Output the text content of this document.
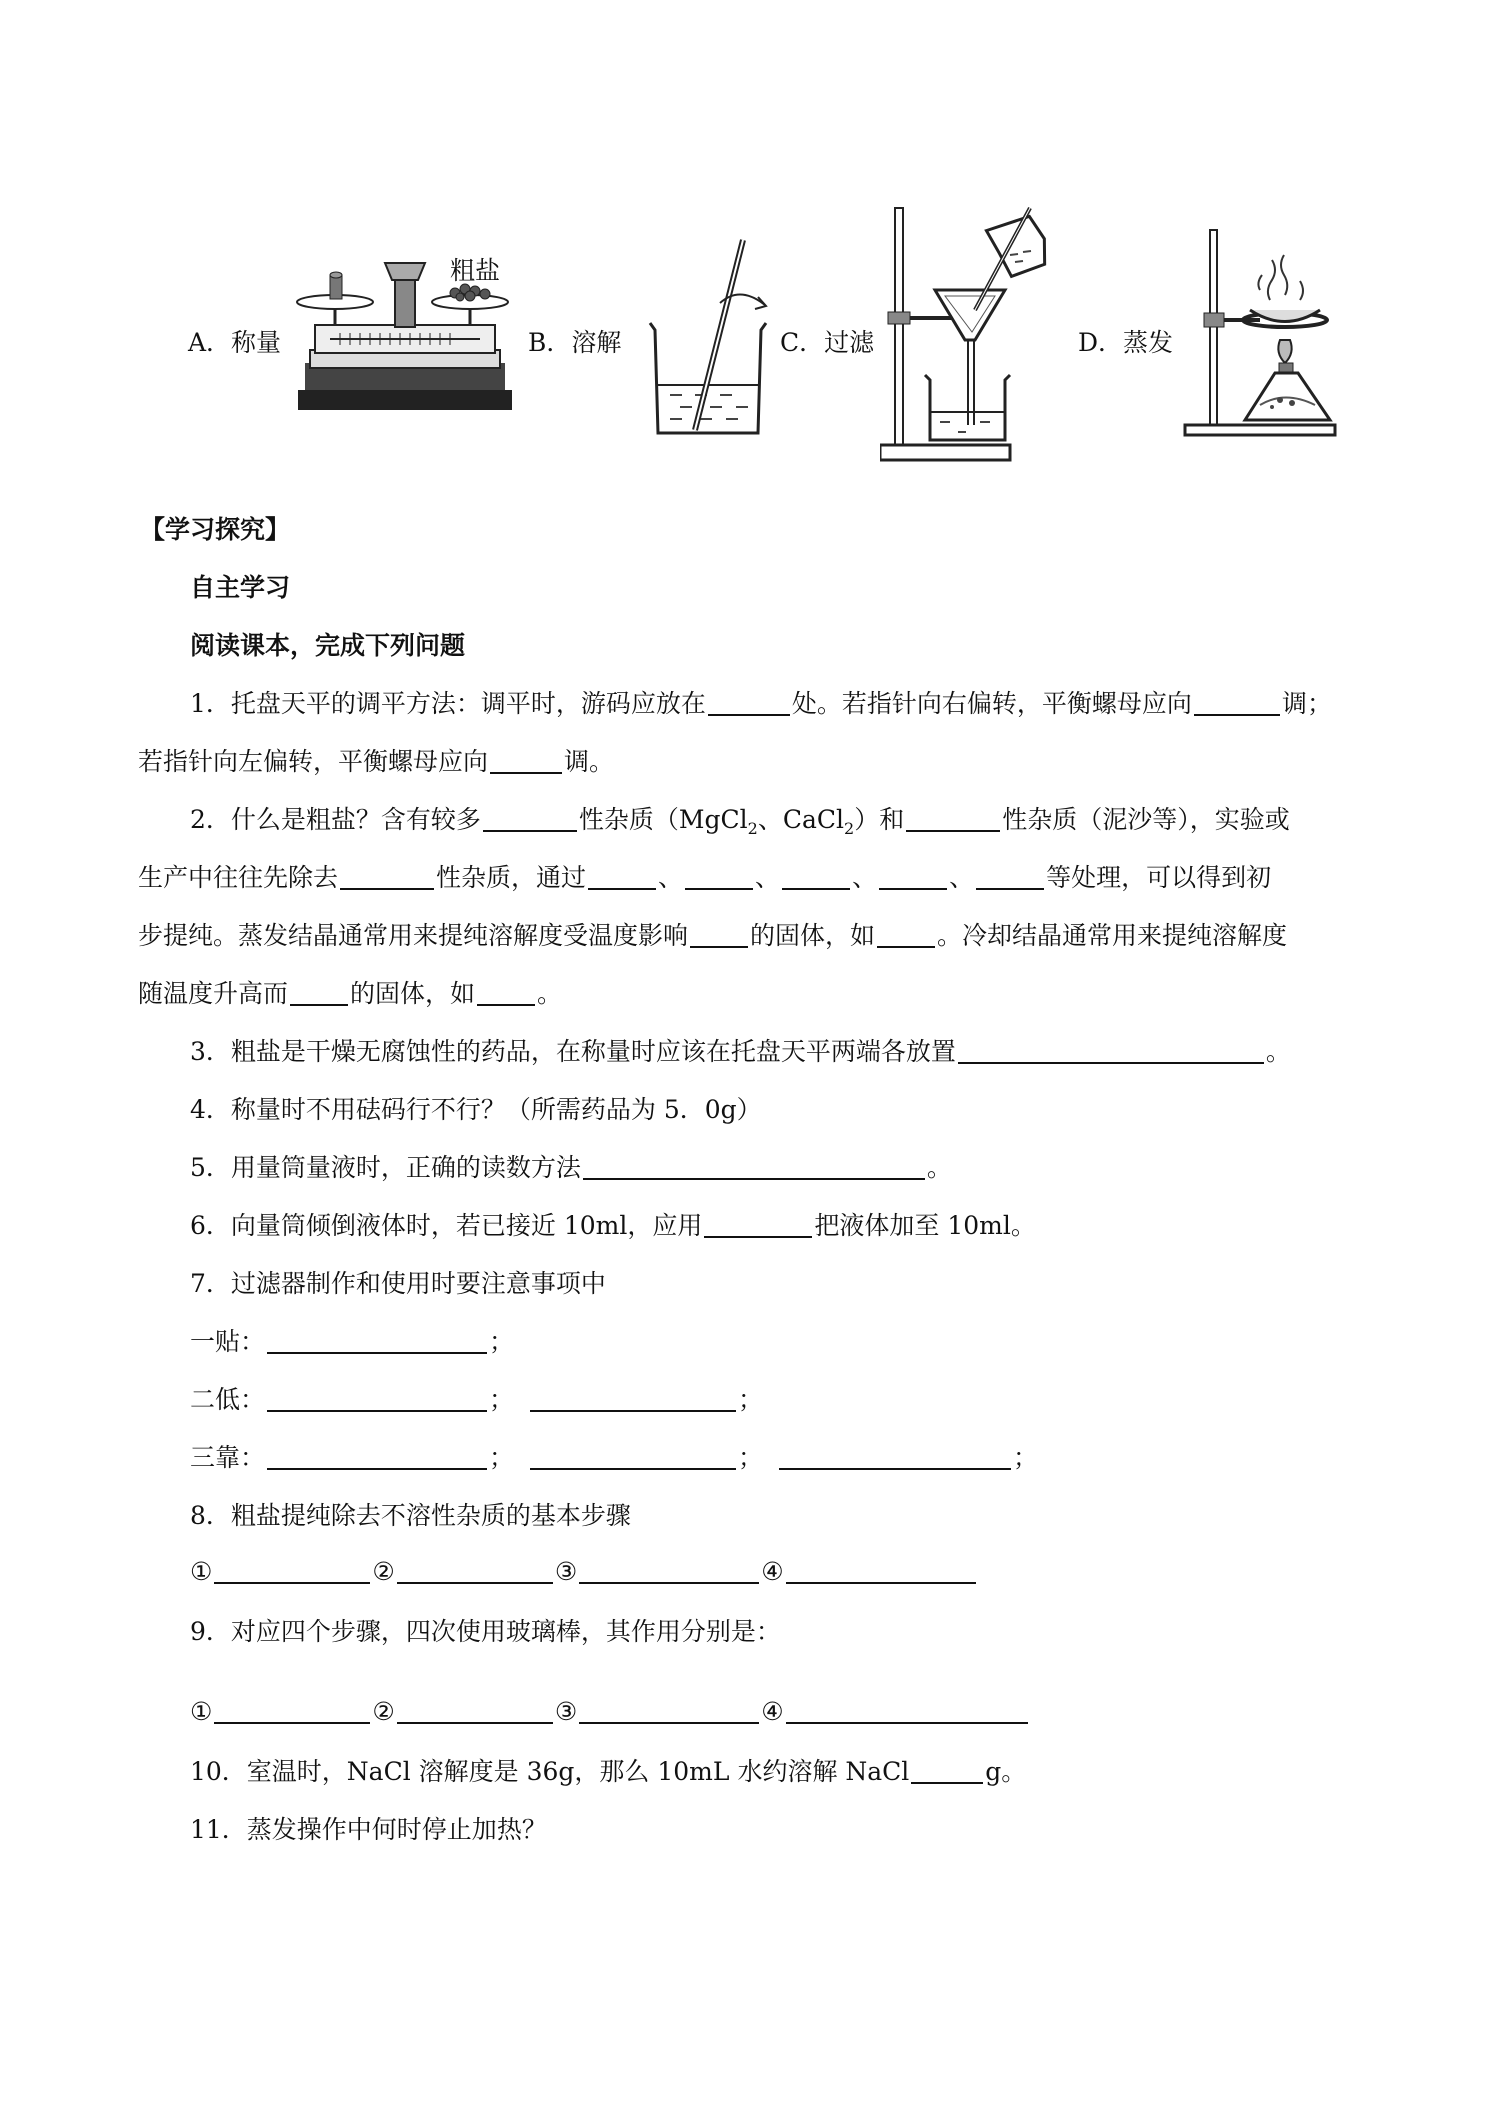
A．称量
粗盐
B．溶解	C．过滤	D．蒸发
【学习探究】
自主学习
阅读课本，完成下列问题
1．托盘天平的调平方法：调平时，游码应放在	处。若指针向右偏转，平衡螺母应向	调；
若指针向左偏转，平衡螺母应向	调。
2．什么是粗盐？含有较多	性杂质（MgCl$_2$、CaCl$_2$）和	性杂质（泥沙等），实验或
生产中往往先除去	性杂质，通过	、	、	、	、	等处理，可以得到初
步提纯。蒸发结晶通常用来提纯溶解度受温度影响 的固体，如 。冷却结晶通常用来提纯溶解度
随温度升高而 的固体，如 。
3．粗盐是干燥无腐蚀性的药品，在称量时应该在托盘天平两端各放置	。
4．称量时不用砝码行不行？（所需药品为 5．0g）
5．用量筒量液时，正确的读数方法	。
6．向量筒倾倒液体时，若已接近 10ml，应用	把液体加至 10ml。
7．过滤器制作和使用时要注意事项中
一贴：	；
二低：	；	；
三靠：	；	；	；
8．粗盐提纯除去不溶性杂质的基本步骤
①	②	③	④
9．对应四个步骤，四次使用玻璃棒，其作用分别是：
①	②	③	④
10．室温时，NaCl 溶解度是 36g，那么 10mL 水约溶解 NaCl	g。
11．蒸发操作中何时停止加热？
